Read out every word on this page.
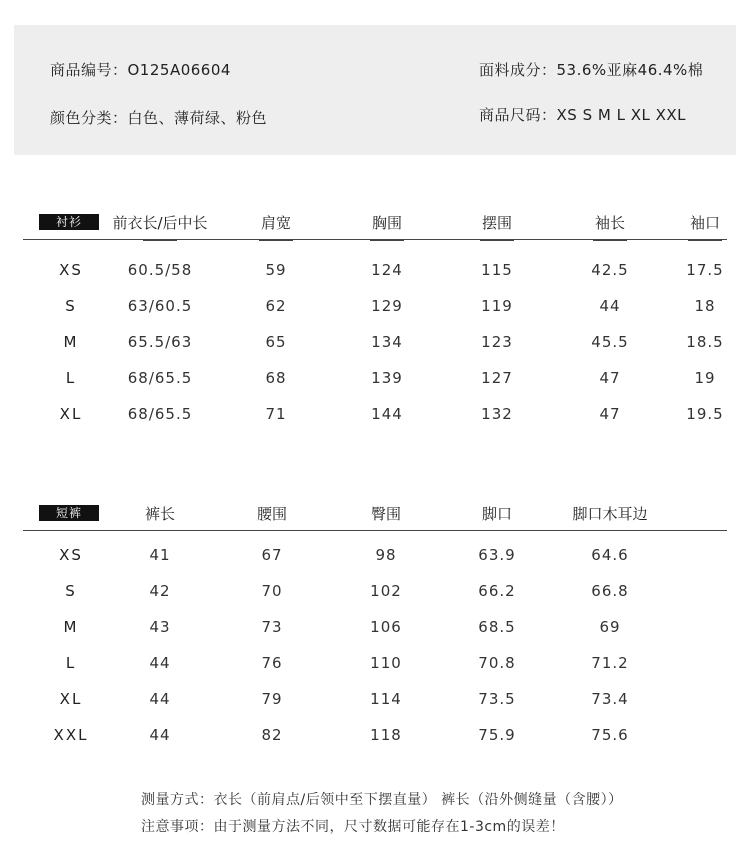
商品编号：O125A06604	面料成分：53.6%亚麻46.4%棉
颜色分类：白色、薄荷绿、粉色	商品尺码：XS S M L XL XXL
衬衫	前衣长/后中长	肩宽	胸围	摆围	袖长	袖口
XS	60.5/58	59	124	115	42.5	17.5
S	63/60.5	62	129	119	44	18
M	65.5/63	65	134	123	45.5	18.5
L	68/65.5	68	139	127	47	19
XL	68/65.5	71	144	132	47	19.5
短裤	裤长	腰围	臀围	脚口	脚口木耳边
XS	41	67	98	63.9	64.6
S	42	70	102	66.2	66.8
M	43	73	106	68.5	69
L	44	76	110	70.8	71.2
XL	44	79	114	73.5	73.4
XXL	44	82	118	75.9	75.6
测量方式：衣长（前肩点/后领中至下摆直量） 裤长（沿外侧缝量（含腰））
注意事项：由于测量方法不同，尺寸数据可能存在1-3cm的误差！
